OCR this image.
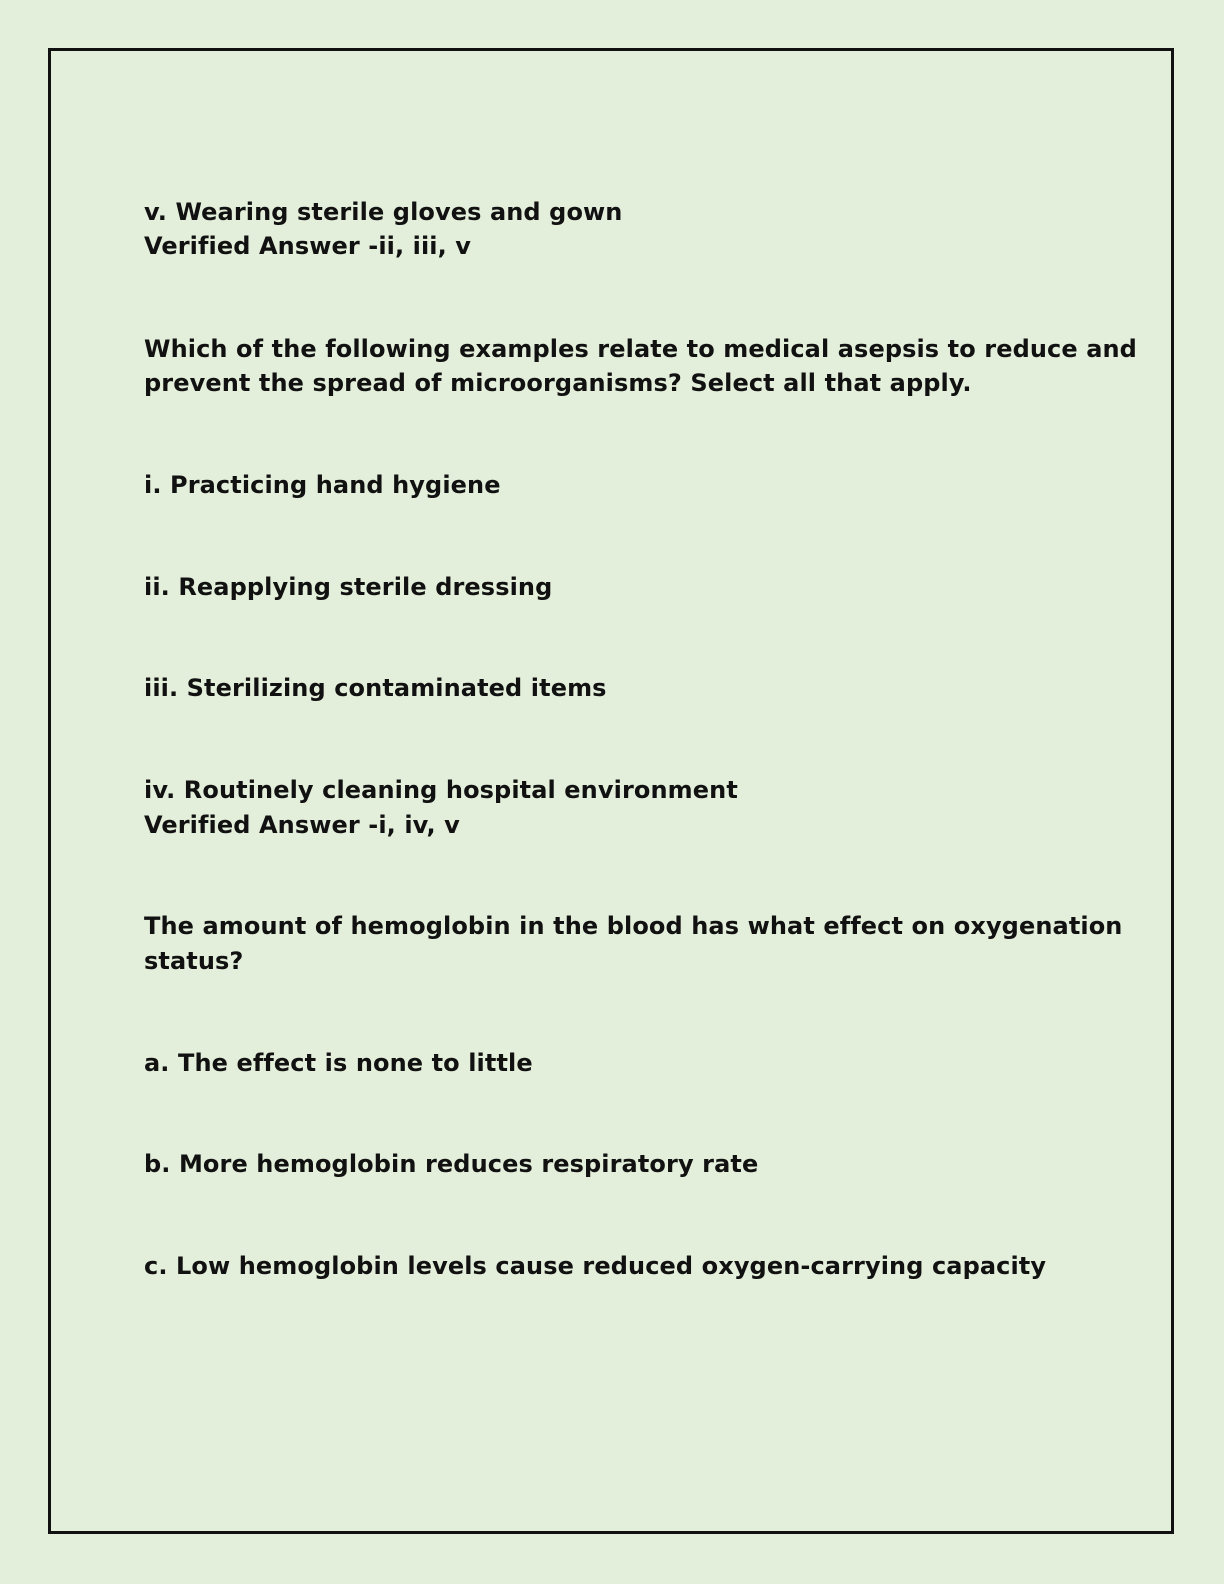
v. Wearing sterile gloves and gown

Verified Answer -ii, iii, v

Which of the following examples relate to medical asepsis to reduce and

prevent the spread of microorganisms? Select all that apply.

i. Practicing hand hygiene

ii. Reapplying sterile dressing

iii. Sterilizing contaminated items

iv. Routinely cleaning hospital environment

Verified Answer -i, iv, v

The amount of hemoglobin in the blood has what effect on oxygenation

status?

a. The effect is none to little

b. More hemoglobin reduces respiratory rate

c. Low hemoglobin levels cause reduced oxygen-carrying capacity
